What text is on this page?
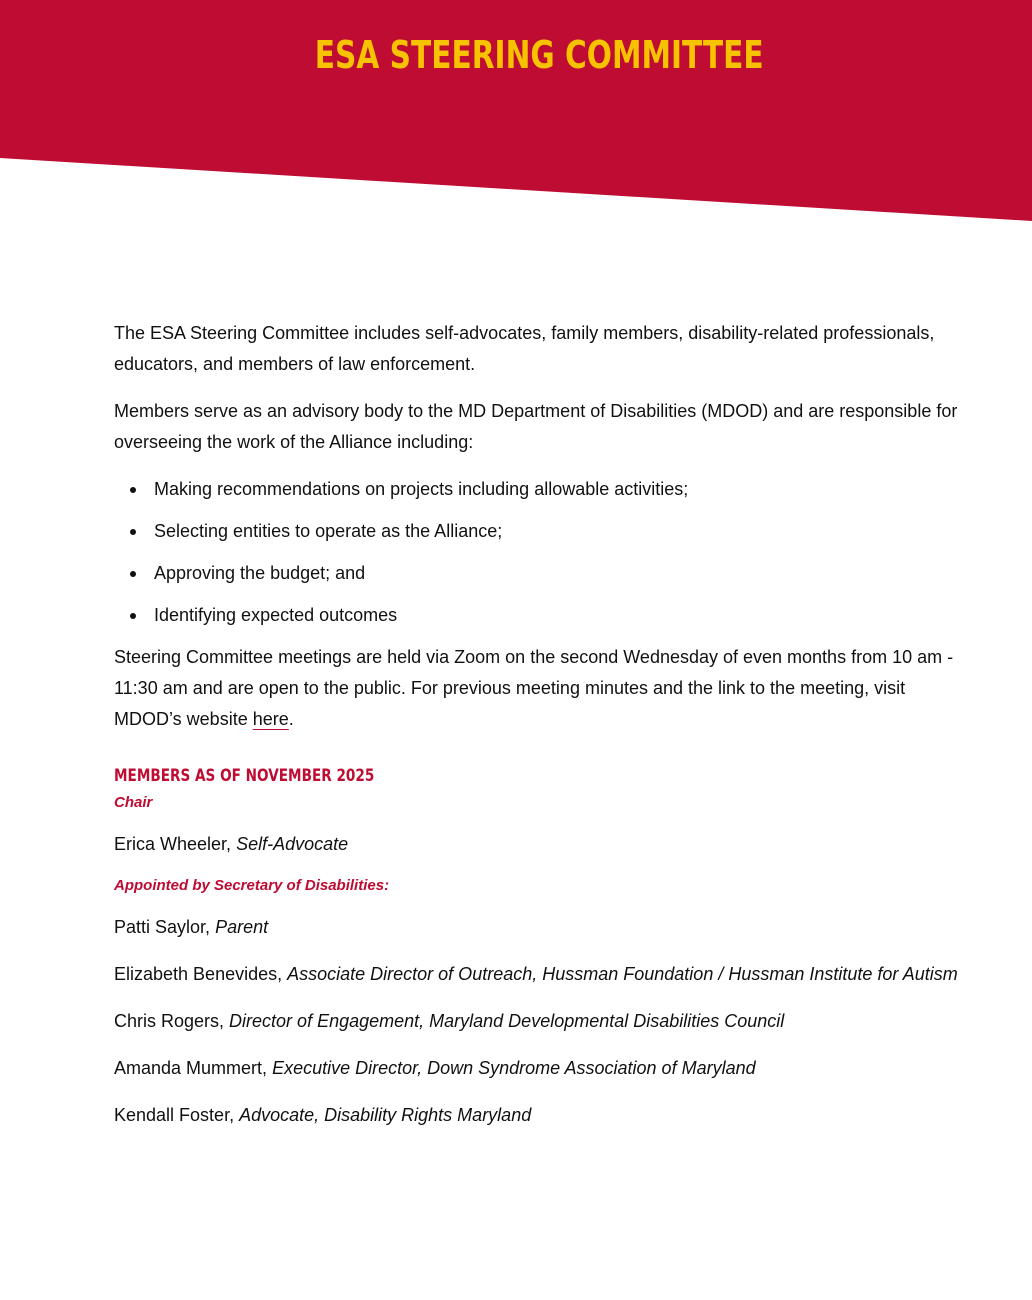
ESA STEERING COMMITTEE

The ESA Steering Committee includes self-advocates, family members, disability-related professionals, educators, and members of law enforcement.

Members serve as an advisory body to the MD Department of Disabilities (MDOD) and are responsible for overseeing the work of the Alliance including:

Making recommendations on projects including allowable activities;
Selecting entities to operate as the Alliance;
Approving the budget; and
Identifying expected outcomes

Steering Committee meetings are held via Zoom on the second Wednesday of even months from 10 am - 11:30 am and are open to the public. For previous meeting minutes and the link to the meeting, visit MDOD’s website here.

MEMBERS AS OF NOVEMBER 2025

Chair

Erica Wheeler, Self-Advocate

Appointed by Secretary of Disabilities:

Patti Saylor, Parent

Elizabeth Benevides, Associate Director of Outreach, Hussman Foundation / Hussman Institute for Autism

Chris Rogers, Director of Engagement, Maryland Developmental Disabilities Council

Amanda Mummert, Executive Director, Down Syndrome Association of Maryland

Kendall Foster, Advocate, Disability Rights Maryland
